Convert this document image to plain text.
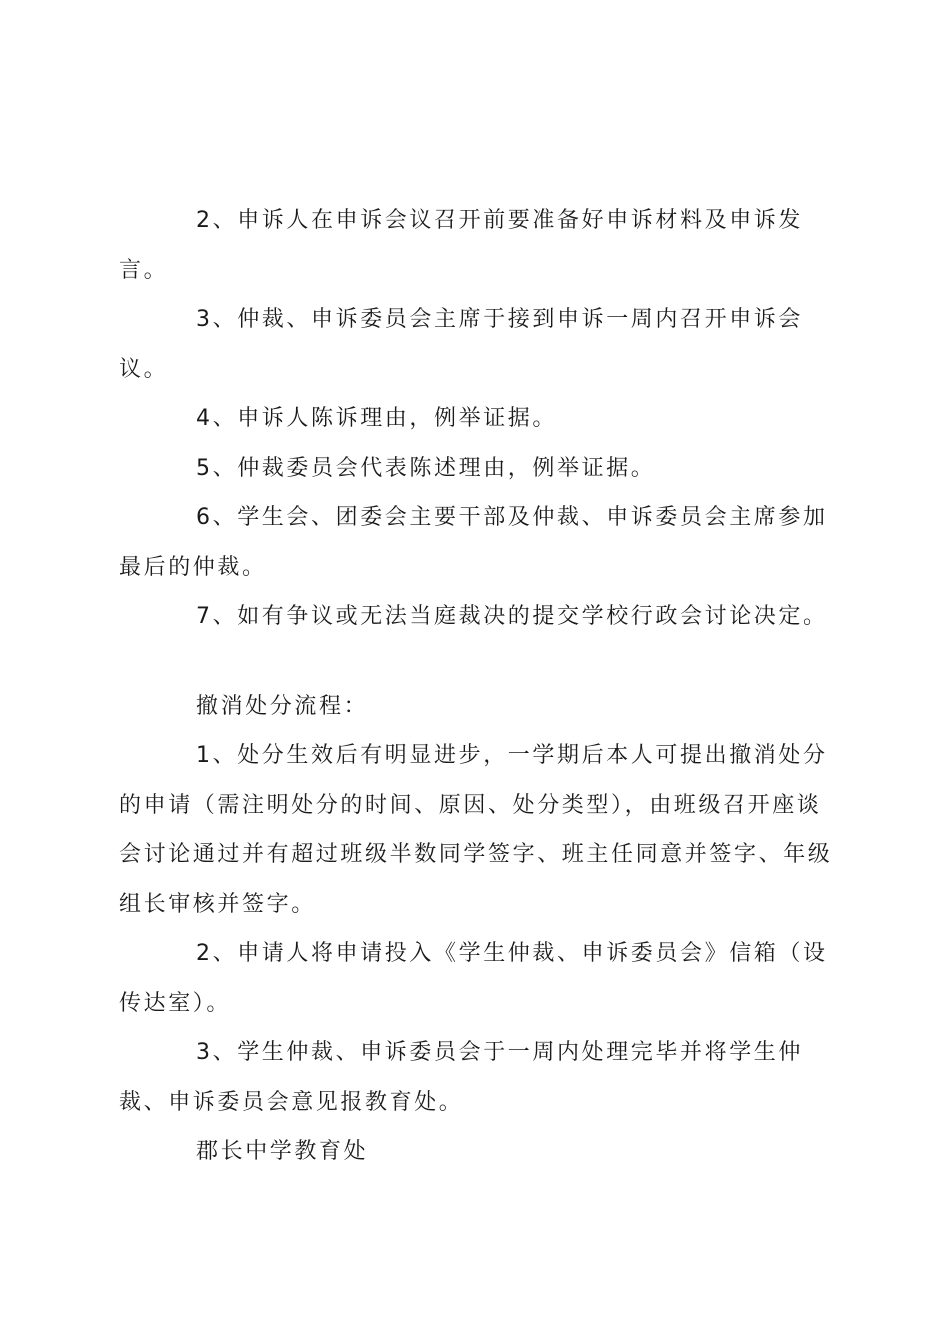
2、申诉人在申诉会议召开前要准备好申诉材料及申诉发言。

3、仲裁、申诉委员会主席于接到申诉一周内召开申诉会议。

4、申诉人陈诉理由，例举证据。

5、仲裁委员会代表陈述理由，例举证据。

6、学生会、团委会主要干部及仲裁、申诉委员会主席参加最后的仲裁。

7、如有争议或无法当庭裁决的提交学校行政会讨论决定。

撤消处分流程：

1、处分生效后有明显进步，一学期后本人可提出撤消处分的申请（需注明处分的时间、原因、处分类型），由班级召开座谈会讨论通过并有超过班级半数同学签字、班主任同意并签字、年级组长审核并签字。

2、申请人将申请投入《学生仲裁、申诉委员会》信箱（设传达室）。

3、学生仲裁、申诉委员会于一周内处理完毕并将学生仲裁、申诉委员会意见报教育处。

郡长中学教育处
